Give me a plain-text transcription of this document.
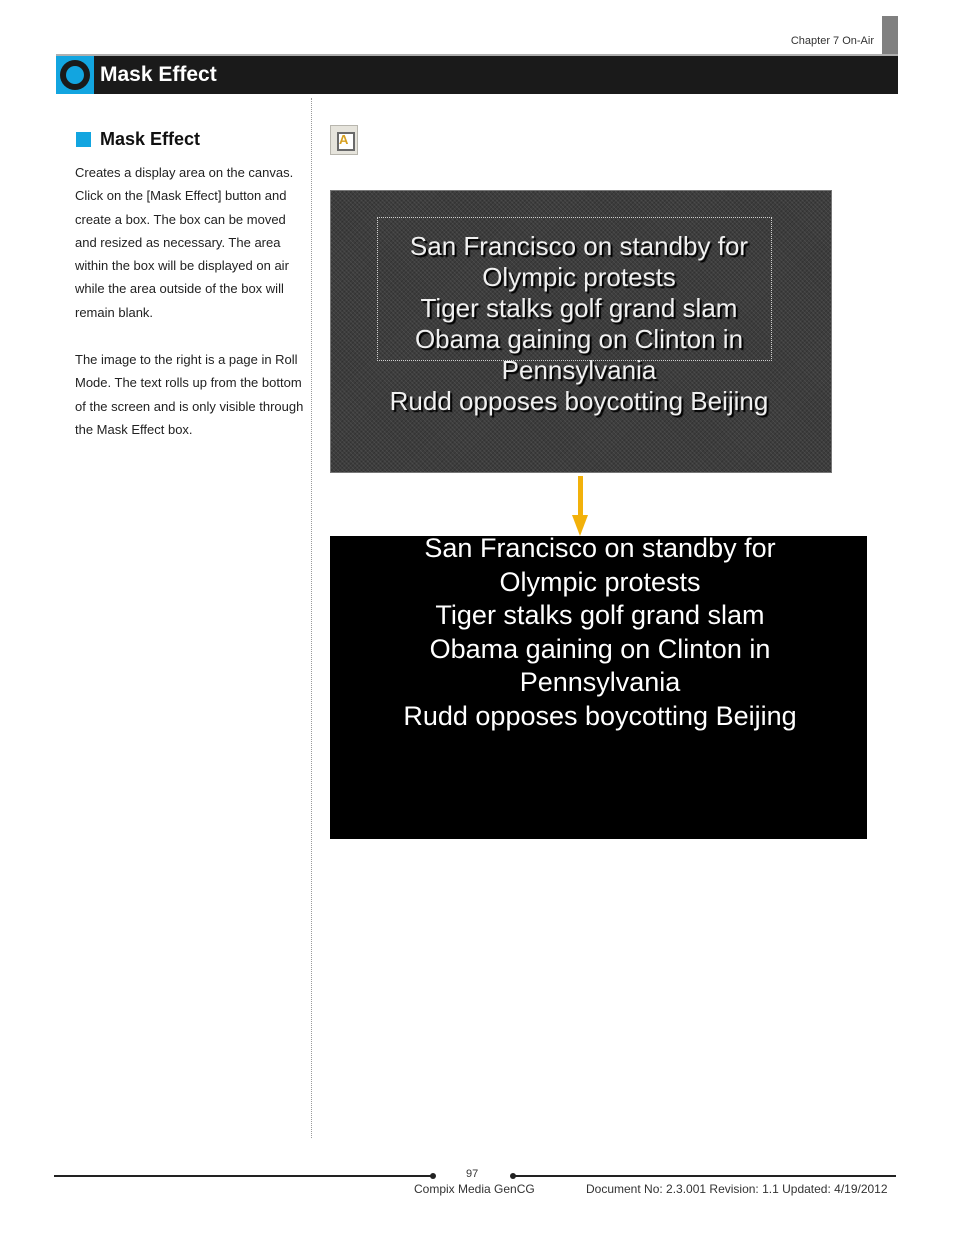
Chapter 7 On-Air
Mask Effect
Mask Effect

Creates a display area on the canvas. Click on the [Mask Effect] button and create a box. The box can be moved and resized as necessary. The area within the box will be displayed on air while the area outside of the box will remain blank.

The image to the right is a page in Roll Mode. The text rolls up from the bottom of the screen and is only visible through the Mask Effect box.

A
San Francisco on standby for
Olympic protests
Tiger stalks golf grand slam
Obama gaining on Clinton in
Pennsylvania
Rudd opposes boycotting Beijing
San Francisco on standby for
Olympic protests
Tiger stalks golf grand slam
Obama gaining on Clinton in
Pennsylvania
Rudd opposes boycotting Beijing
97
Compix Media GenCG	Document No: 2.3.001 Revision: 1.1 Updated: 4/19/2012
